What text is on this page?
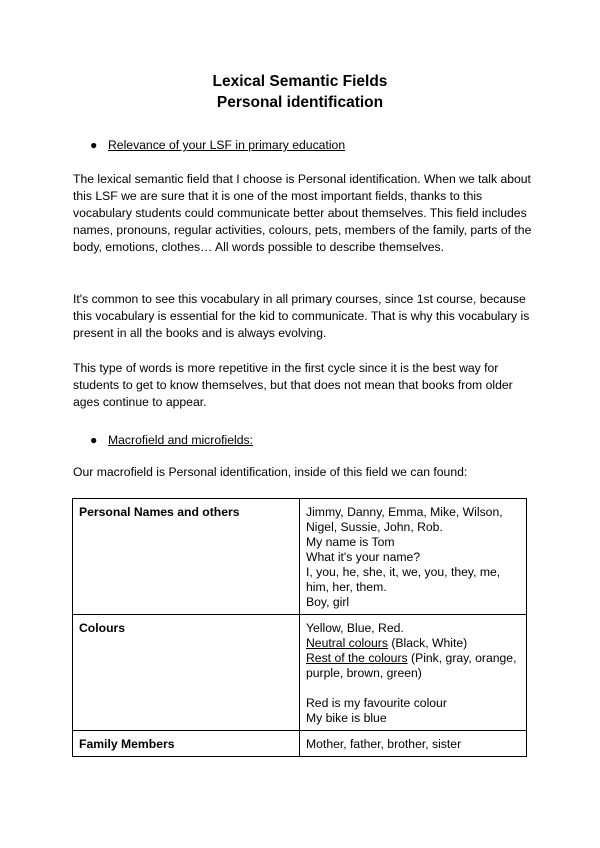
Lexical Semantic Fields
Personal identification
● Relevance of your LSF in primary education

The lexical semantic field that I choose is Personal identification. When we talk about this LSF we are sure that it is one of the most important fields, thanks to this vocabulary students could communicate better about themselves. This field includes names, pronouns, regular activities, colours, pets, members of the family, parts of the body, emotions, clothes… All words possible to describe themselves.

It's common to see this vocabulary in all primary courses, since 1st course, because this vocabulary is essential for the kid to communicate. That is why this vocabulary is present in all the books and is always evolving.

This type of words is more repetitive in the first cycle since it is the best way for students to get to know themselves, but that does not mean that books from older ages continue to appear.

● Macrofield and microfields:

Our macrofield is Personal identification, inside of this field we can found:

Personal Names and others	Jimmy, Danny, Emma, Mike, Wilson, Nigel, Sussie, John, Rob.
My name is Tom
What it's your name?
I, you, he, she, it, we, you, they, me, him, her, them.
Boy, girl

Colours	Yellow, Blue, Red.
Neutral colours (Black, White)
Rest of the colours (Pink, gray, orange, purple, brown, green)
Red is my favourite colour
My bike is blue

Family Members	Mother, father, brother, sister
